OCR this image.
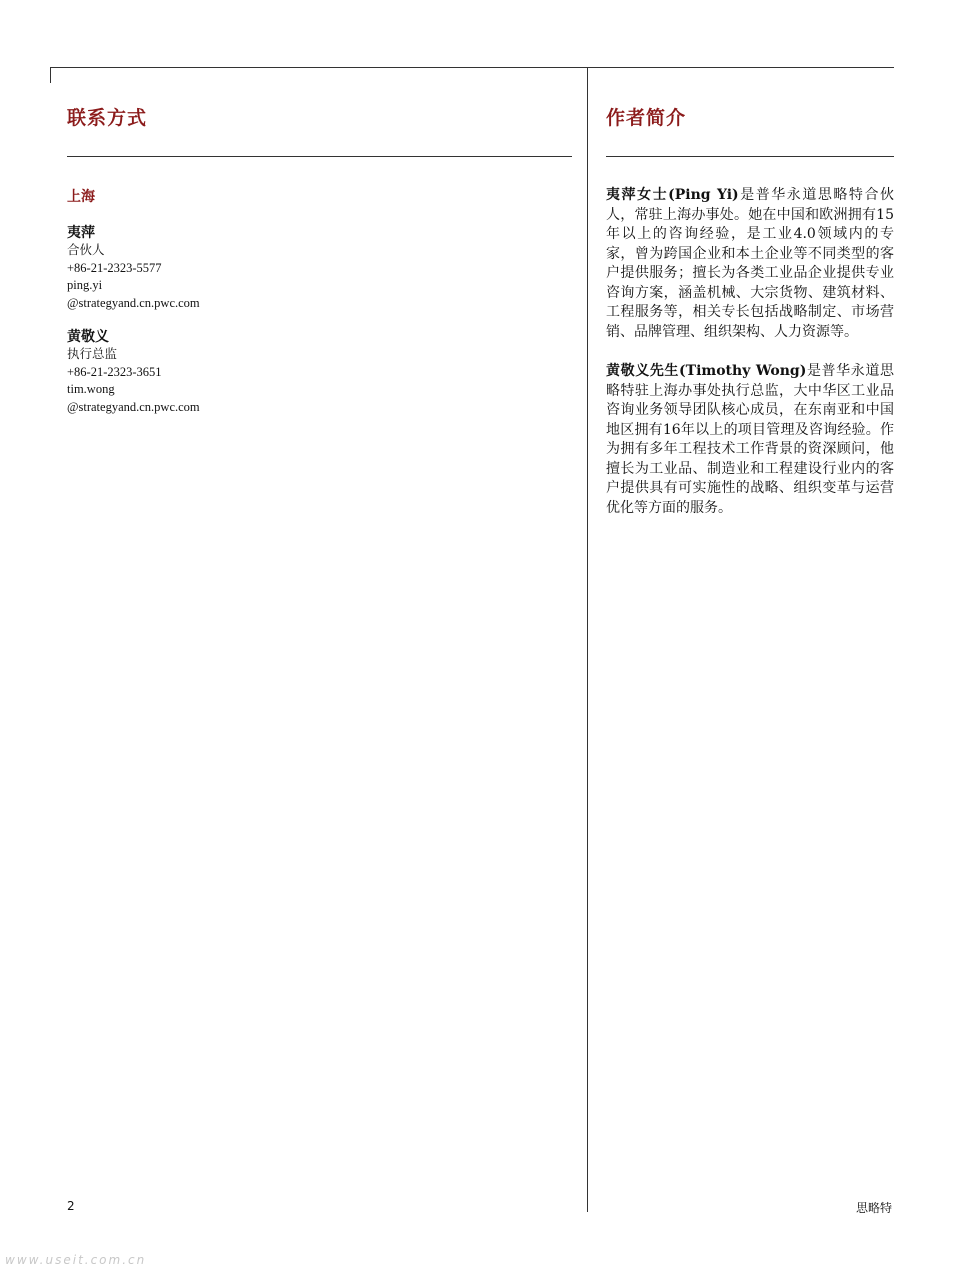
联系方式	作者简介
上海
夷萍
合伙人
+86-21-2323-5577
ping.yi
@strategyand.cn.pwc.com
黄敬义
执行总监
+86-21-2323-3651
tim.wong
@strategyand.cn.pwc.com

夷萍女士(Ping Yi)是普华永道思略特合伙人，常驻上海办事处。她在中国和欧洲拥有15年以上的咨询经验，是工业4.0领域内的专家，曾为跨国企业和本土企业等不同类型的客户提供服务；擅长为各类工业品企业提供专业咨询方案，涵盖机械、大宗货物、建筑材料、工程服务等，相关专长包括战略制定、市场营销、品牌管理、组织架构、人力资源等。

黄敬义先生(Timothy Wong)是普华永道思略特驻上海办事处执行总监，大中华区工业品咨询业务领导团队核心成员，在东南亚和中国地区拥有16年以上的项目管理及咨询经验。作为拥有多年工程技术工作背景的资深顾问，他擅长为工业品、制造业和工程建设行业内的客户提供具有可实施性的战略、组织变革与运营优化等方面的服务。

2	思略特
www.useit.com.cn
